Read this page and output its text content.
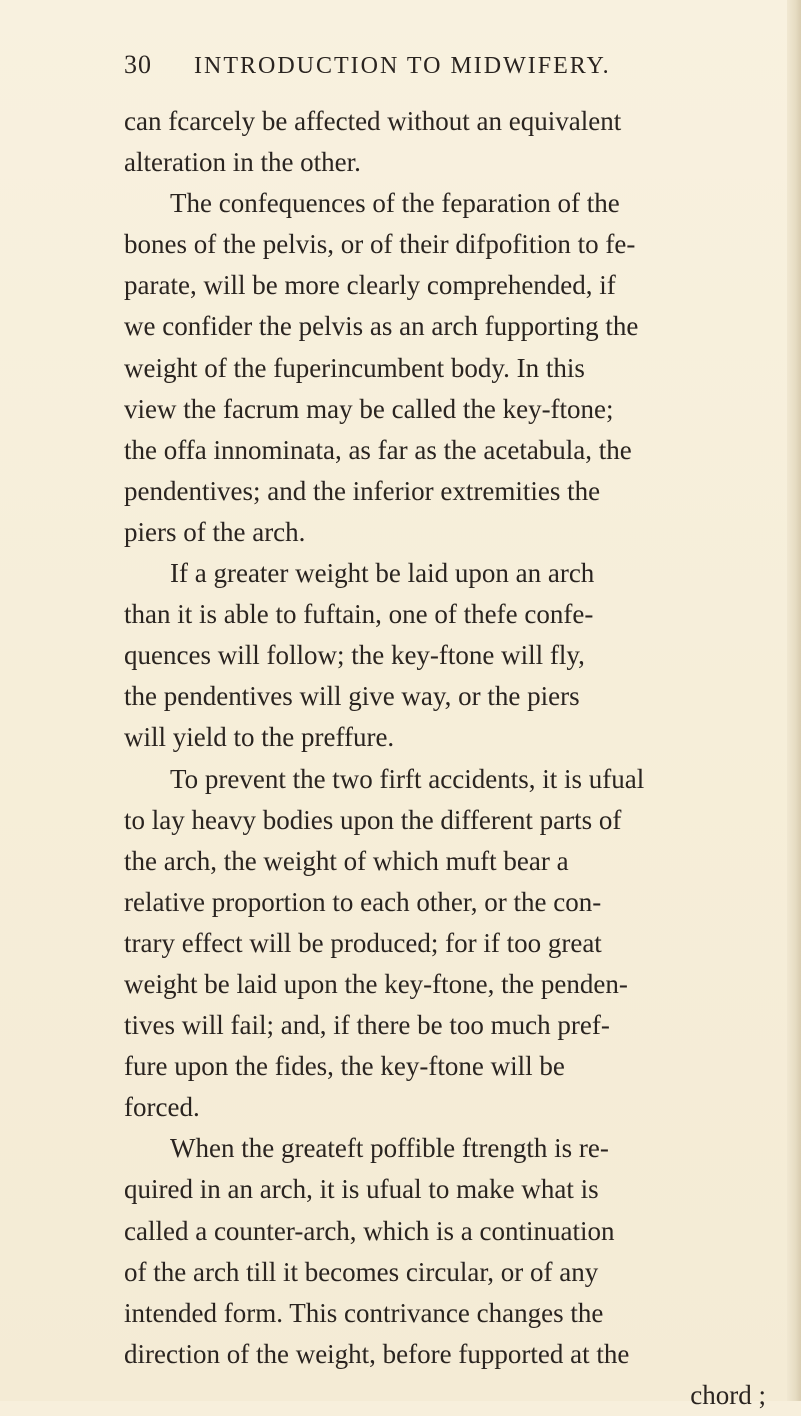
30	INTRODUCTION TO MIDWIFERY.
can fcarcely be affected without an equivalent
alteration in the other.
The confequences of the feparation of the
bones of the pelvis, or of their difpofition to fe-
parate, will be more clearly comprehended, if
we confider the pelvis as an arch fupporting the
weight of the fuperincumbent body. In this
view the facrum may be called the key-ftone;
the offa innominata, as far as the acetabula, the
pendentives; and the inferior extremities the
piers of the arch.
If a greater weight be laid upon an arch
than it is able to fuftain, one of thefe confe-
quences will follow; the key-ftone will fly,
the pendentives will give way, or the piers
will yield to the preffure.
To prevent the two firft accidents, it is ufual
to lay heavy bodies upon the different parts of
the arch, the weight of which muft bear a
relative proportion to each other, or the con-
trary effect will be produced; for if too great
weight be laid upon the key-ftone, the penden-
tives will fail; and, if there be too much pref-
fure upon the fides, the key-ftone will be
forced.
When the greateft poffible ftrength is re-
quired in an arch, it is ufual to make what is
called a counter-arch, which is a continuation
of the arch till it becomes circular, or of any
intended form. This contrivance changes the
direction of the weight, before fupported at the
chord ;
